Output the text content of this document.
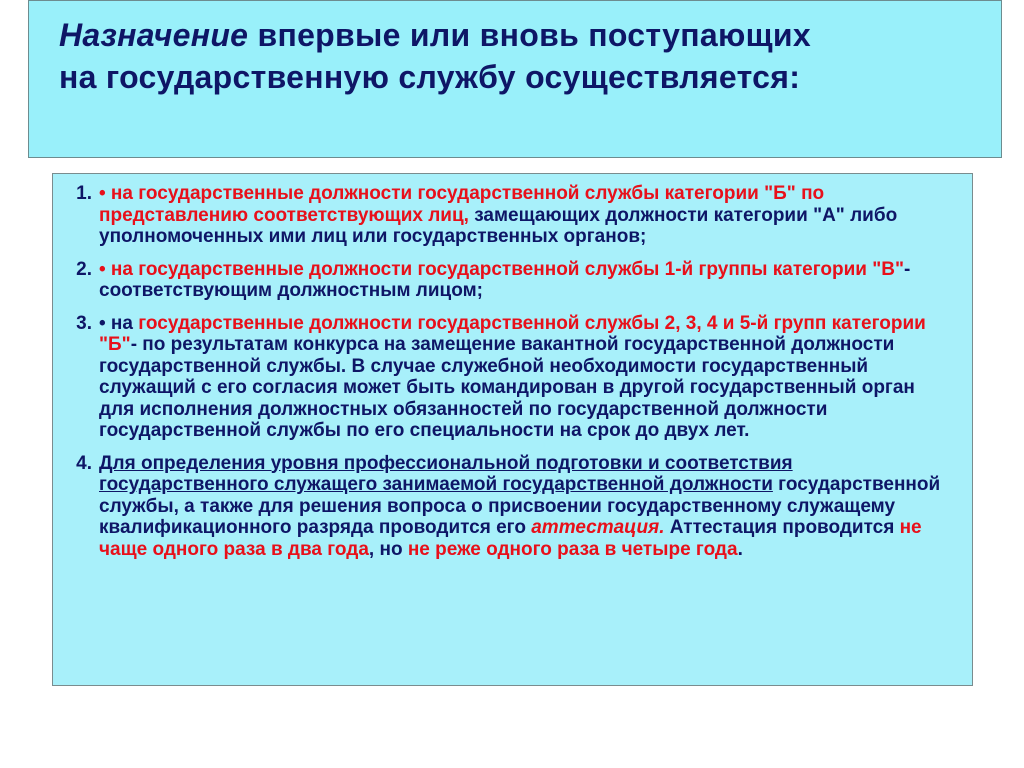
Назначение впервые или вновь поступающих
на государственную службу осуществляется:
1. • на государственные должности государственной службы категории "Б" по представлению соответствующих лиц, замещающих должности категории "А" либо уполномоченных ими лиц или государственных органов;
2. • на государственные должности государственной службы 1-й группы категории "В"- соответствующим должностным лицом;
3. • на государственные должности государственной службы 2, 3, 4 и 5-й групп категории "Б"- по результатам конкурса на замещение вакантной государственной должности государственной службы. В случае служебной необходимости государственный служащий с его согласия может быть командирован в другой государственный орган для исполнения должностных обязанностей по государственной должности государственной службы по его специальности на срок до двух лет.
4. Для определения уровня профессиональной подготовки и соответствия государственного служащего занимаемой государственной должности государственной службы, а также для решения вопроса о присвоении государственному служащему квалификационного разряда проводится его аттестация. Аттестация проводится не чаще одного раза в два года, но не реже одного раза в четыре года.
